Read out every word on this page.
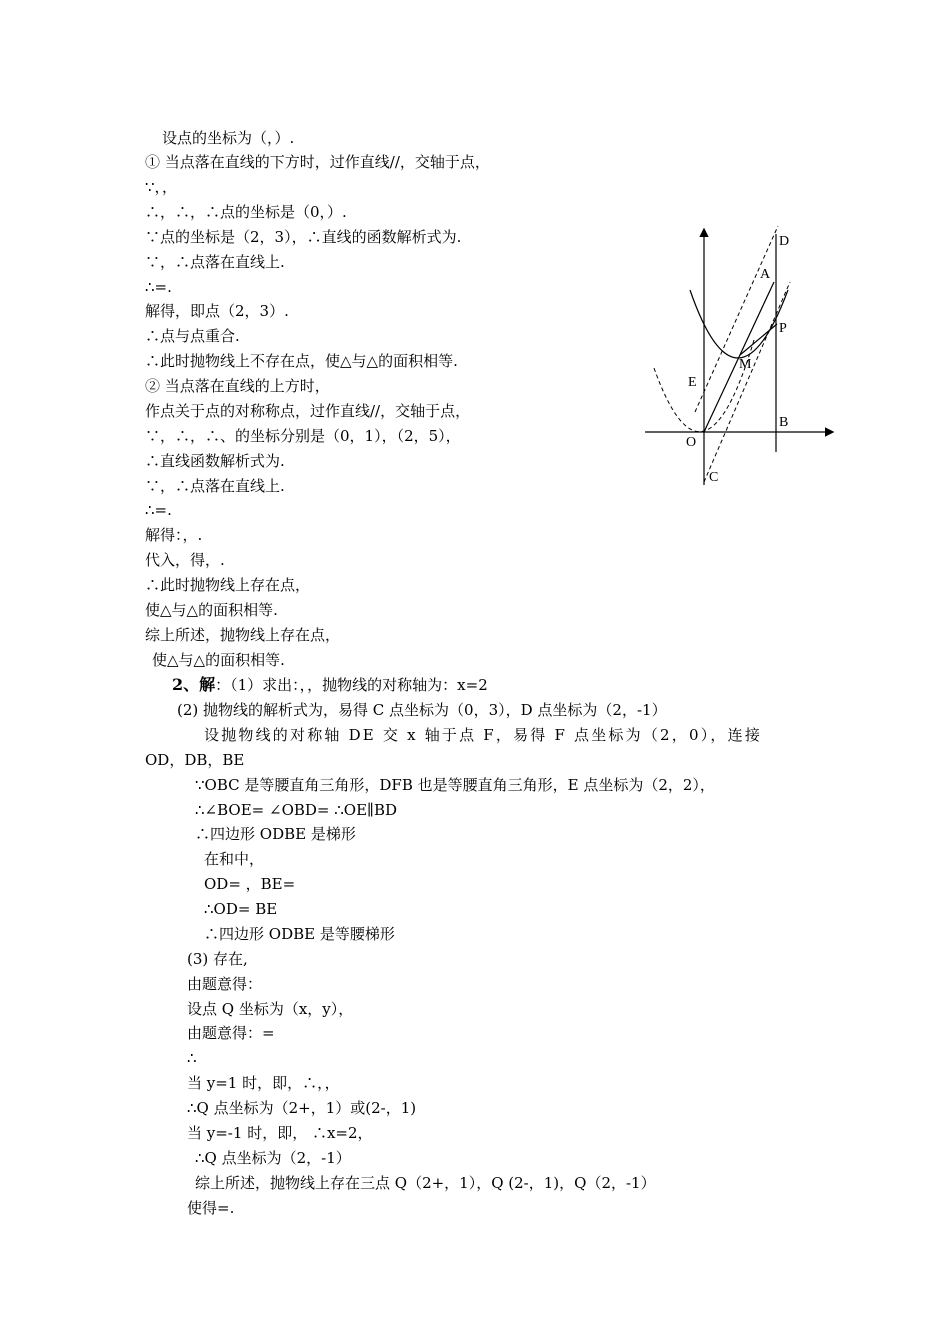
设点的坐标为（，）.
① 当点落在直线的下方时，过作直线//，交轴于点，
∵，，
∴，∴，∴点的坐标是（0，）.
∵点的坐标是（2，3），∴直线的函数解析式为.
∵，∴点落在直线上.
∴=.
解得，即点（2，3）.
∴点与点重合.
∴此时抛物线上不存在点，使△与△的面积相等.
② 当点落在直线的上方时，
作点关于点的对称称点，过作直线//，交轴于点，
∵，∴，∴、的坐标分别是（0，1），（2，5），
∴直线函数解析式为.
∵，∴点落在直线上.
∴=.
解得：，.
代入，得，.
∴此时抛物线上存在点，
使△与△的面积相等.
综上所述，抛物线上存在点，
使△与△的面积相等.
2、解：（1）求出：，，抛物线的对称轴为：x=2
(2) 抛物线的解析式为，易得 C 点坐标为（0，3），D 点坐标为（2，-1）
设抛物线的对称轴 DE 交 x 轴于点 F，易得 F 点坐标为（2，0），连接
OD，DB，BE
∵OBC 是等腰直角三角形，DFB 也是等腰直角三角形，E 点坐标为（2，2），
∴∠BOE= ∠OBD= ∴OE∥BD
∴四边形 ODBE 是梯形
在和中，
OD= ，BE=
∴OD= BE
∴四边形 ODBE 是等腰梯形
(3) 存在,
由题意得：
设点 Q 坐标为（x，y），
由题意得：=
∴
当 y=1 时，即，∴，，
∴Q 点坐标为（2+，1）或(2-，1)
当 y=-1 时，即， ∴x=2，
∴Q 点坐标为（2，-1）
综上所述，抛物线上存在三点 Q（2+，1），Q (2-，1)，Q（2，-1）
使得=.
D
A
P
M
E
B
O
C
